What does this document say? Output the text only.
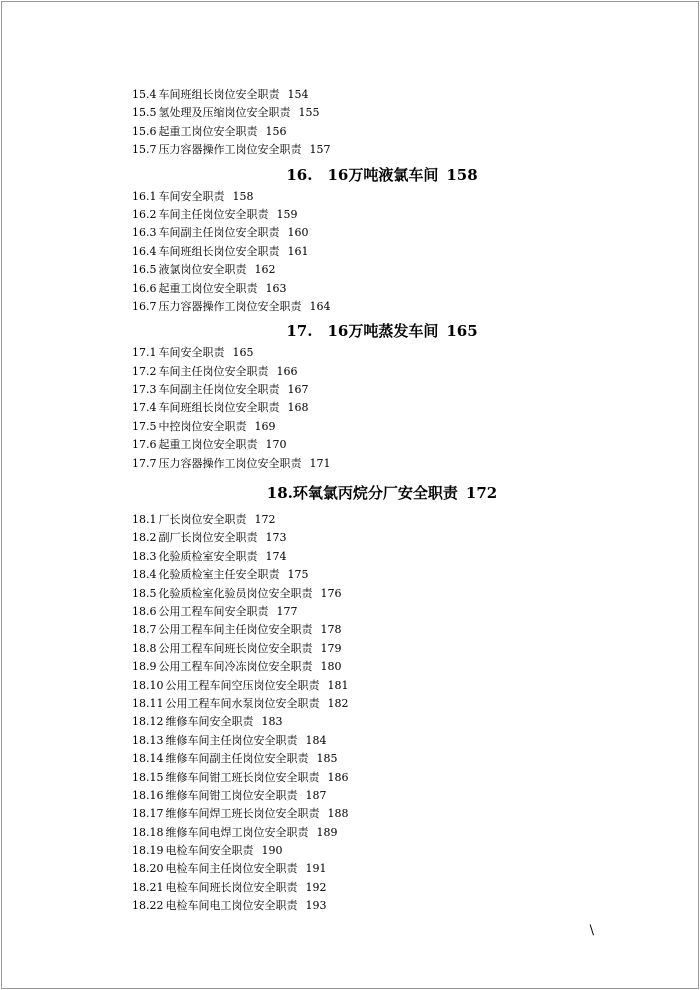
15.4 车间班组长岗位安全职责 154
15.5 氢处理及压缩岗位安全职责 155
15.6 起重工岗位安全职责 156
15.7 压力容器操作工岗位安全职责 157
16.　16万吨液氯车间 158
16.1 车间安全职责 158
16.2 车间主任岗位安全职责 159
16.3 车间副主任岗位安全职责 160
16.4 车间班组长岗位安全职责 161
16.5 液氯岗位安全职责 162
16.6 起重工岗位安全职责 163
16.7 压力容器操作工岗位安全职责 164
17.　16万吨蒸发车间 165
17.1 车间安全职责 165
17.2 车间主任岗位安全职责 166
17.3 车间副主任岗位安全职责 167
17.4 车间班组长岗位安全职责 168
17.5 中控岗位安全职责 169
17.6 起重工岗位安全职责 170
17.7 压力容器操作工岗位安全职责 171
18.环氧氯丙烷分厂安全职责 172
18.1 厂长岗位安全职责 172
18.2 副厂长岗位安全职责 173
18.3 化验质检室安全职责 174
18.4 化验质检室主任安全职责 175
18.5 化验质检室化验员岗位安全职责 176
18.6 公用工程车间安全职责 177
18.7 公用工程车间主任岗位安全职责 178
18.8 公用工程车间班长岗位安全职责 179
18.9 公用工程车间冷冻岗位安全职责 180
18.10 公用工程车间空压岗位安全职责 181
18.11 公用工程车间水泵岗位安全职责 182
18.12 维修车间安全职责 183
18.13 维修车间主任岗位安全职责 184
18.14 维修车间副主任岗位安全职责 185
18.15 维修车间钳工班长岗位安全职责 186
18.16 维修车间钳工岗位安全职责 187
18.17 维修车间焊工班长岗位安全职责 188
18.18 维修车间电焊工岗位安全职责 189
18.19 电检车间安全职责 190
18.20 电检车间主任岗位安全职责 191
18.21 电检车间班长岗位安全职责 192
18.22 电检车间电工岗位安全职责 193
\
